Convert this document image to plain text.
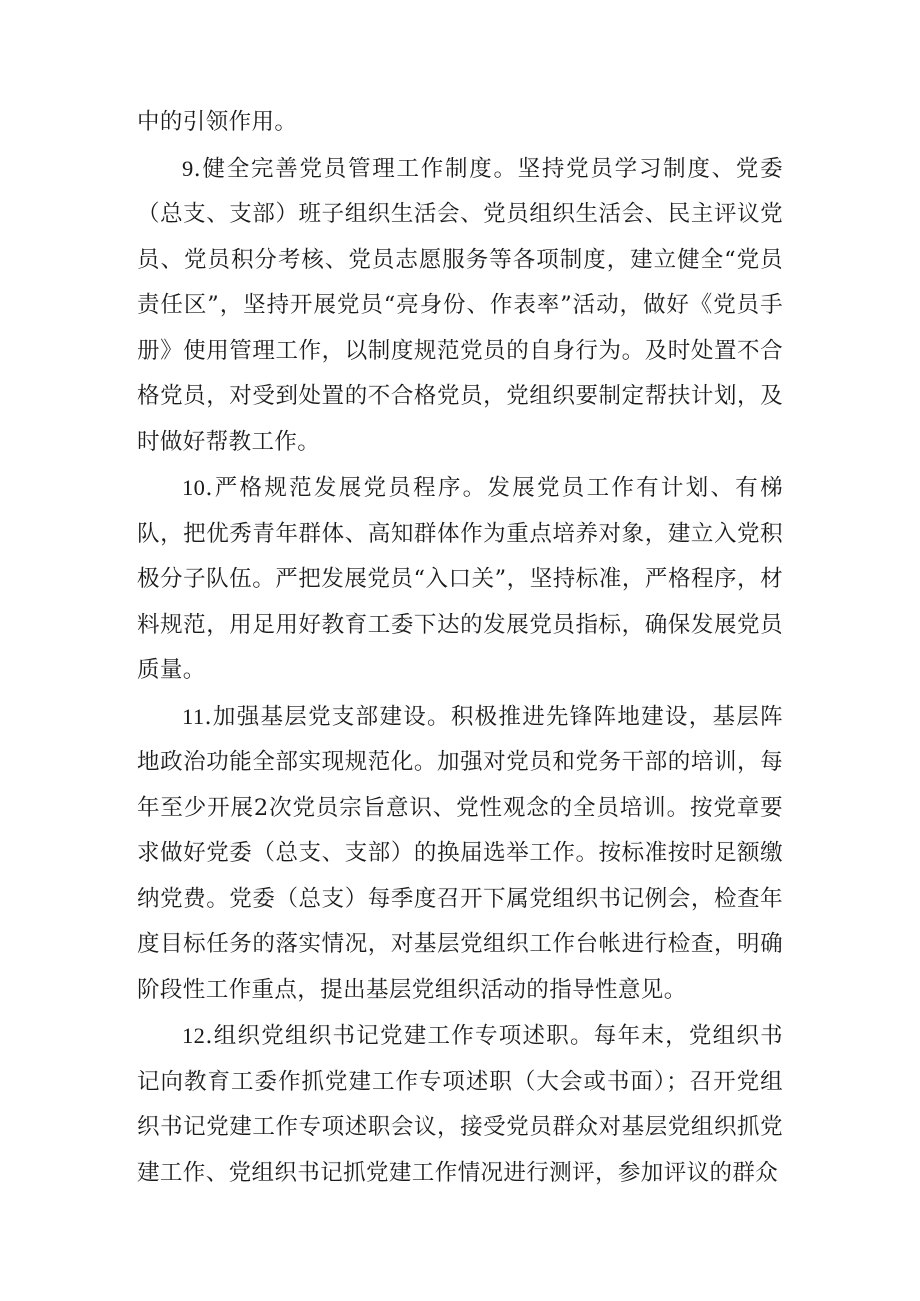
中的引领作用。

9.健全完善党员管理工作制度。坚持党员学习制度、党委（总支、支部）班子组织生活会、党员组织生活会、民主评议党员、党员积分考核、党员志愿服务等各项制度，建立健全“党员责任区”，坚持开展党员“亮身份、作表率”活动，做好《党员手册》使用管理工作，以制度规范党员的自身行为。及时处置不合格党员，对受到处置的不合格党员，党组织要制定帮扶计划，及时做好帮教工作。

10.严格规范发展党员程序。发展党员工作有计划、有梯队，把优秀青年群体、高知群体作为重点培养对象，建立入党积极分子队伍。严把发展党员“入口关”，坚持标准，严格程序，材料规范，用足用好教育工委下达的发展党员指标，确保发展党员质量。

11.加强基层党支部建设。积极推进先锋阵地建设，基层阵地政治功能全部实现规范化。加强对党员和党务干部的培训，每年至少开展2次党员宗旨意识、党性观念的全员培训。按党章要求做好党委（总支、支部）的换届选举工作。按标准按时足额缴纳党费。党委（总支）每季度召开下属党组织书记例会，检查年度目标任务的落实情况，对基层党组织工作台帐进行检查，明确阶段性工作重点，提出基层党组织活动的指导性意见。

12.组织党组织书记党建工作专项述职。每年末，党组织书记向教育工委作抓党建工作专项述职（大会或书面）；召开党组织书记党建工作专项述职会议，接受党员群众对基层党组织抓党建工作、党组织书记抓党建工作情况进行测评，参加评议的群众
